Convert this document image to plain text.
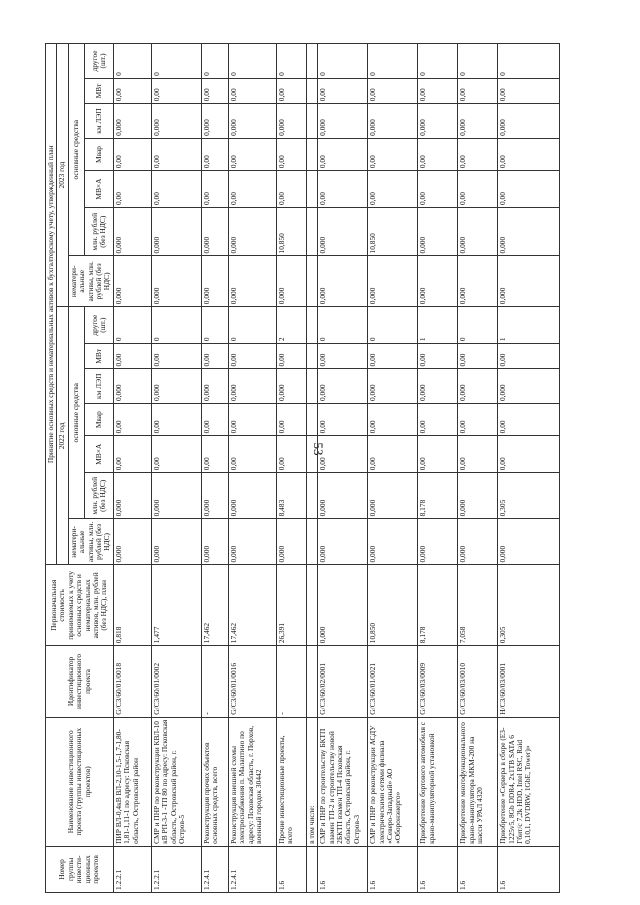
53
Номер группы инвести-ционных проектов	Наименование инвестиционного проекта (группы инвестиционных проектов)	Идентификатор инвестиционного проекта	Первоначальная стоимость принимаемых к учету основных средств и нематериальных активов, млн. рублей (без НДС), план	Принятие основных средств и нематериальных активов к бухгалтерскому учету, утвержденный план													
				2022 год							2023 год						
				нематери-альные активы, млн. рублей (без НДС)	основные средства						нематери-альные активы, млн. рублей (без НДС)	основные средства					
					млн. рублей (без НДС)	МВ×А	Мвар	км ЛЭП	МВт	другое (шт.)		млн. рублей (без НДС)	МВ×А	Мвар	км ЛЭП	МВт	другое (шт.)
1.2.2.1	ПИР ВЛ-0,4кВ ВЛ-2,10-1,5-1,7-1,80-1,81-1,11-1 по адресу: Псковская область, Островский район	G/C3/60/01/0018	0,818	0,000	0,000	0,00	0,00	0,000	0,00	0	0,000	0,000	0,00	0,00	0,000	0,00	0
1.2.2.1	СМР и ПНР по реконструкции КВЛ-10 кВ РП-3-1 -ТП 80 по адресу: Псковская область, Островский район, г. Остров-5	G/C3/60/01/0002	1,477	0,000	0,000	0,00	0,00	0,000	0,00	0	0,000	0,000	0,00	0,00	0,000	0,00	0
1.2.4.1	Реконструкция прочих объектов основных средств, всего	-	17,462	0,000	0,000	0,00	0,00	0,000	0,00	0	0,000	0,000	0,00	0,00	0,000	0,00	0
1.2.4.1	Реконструкция внешней схемы электроснабжения п. Малаптино по адресу: Псковская область, г. Порхов, военный городок 30442	G/C3/60/01/0016	17,462	0,000	0,000	0,00	0,00	0,000	0,00	0	0,000	0,000	0,00	0,00	0,000	0,00	0
1.6	Прочие инвестиционные проекты, всего	-	26,391	0,000	8,483	0,00	0,00	0,000	0,00	2	0,000	10,850	0,00	0,00	0,000	0,00	0
	в том числе:																
1.6	СМР и ПНР по строительству БКТП взамен ТП-2 и строительству новой 2БКТП взамен ТП-4 Псковская область, Островский район, г. Остров-3	G/C3/60/02/0001	0,000	0,000	0,000	0,00	0,00	0,000	0,00	0	0,000	0,000	0,00	0,00	0,000	0,00	0
1.6	СМР и ПНР по реконструкции АСДУ электрическими сетями филиала «Северо-Западный» АО «Оборонэнерго»	G/C3/60/01/0021	10,850	0,000	0,000	0,00	0,00	0,000	0,00	0	0,000	10,850	0,00	0,00	0,000	0,00	0
1.6	Приобретение бортового автомобиля с крано-манипуляторной установкой	G/C3/60/03/0009	8,178	0,000	8,178	0,00	0,00	0,000	0,00	1	0,000	0,000	0,00	0,00	0,000	0,00	0
1.6	Приобретение многофункционального крано-манипулятора МКМ-200 на шасси УРАЛ 4320	G/C3/60/03/0010	7,058	0,000	0,000	0,00	0,00	0,000	0,00	0	0,000	0,000	0,00	0,00	0,000	0,00	0
1.6	Приобретение «Сервера в сборе (E3-1225v5, 8Gb DDR4, 2x1TB SATA 6 Гбит/с 7,2k HDD, Intel RSC, Raid 0,10,1, DVDRW, 1GbE, Tower)»	H/C3/60/03/0001	0,305	0,000	0,305	0,00	0,00	0,000	0,00	1	0,000	0,000	0,00	0,00	0,000	0,00	0
